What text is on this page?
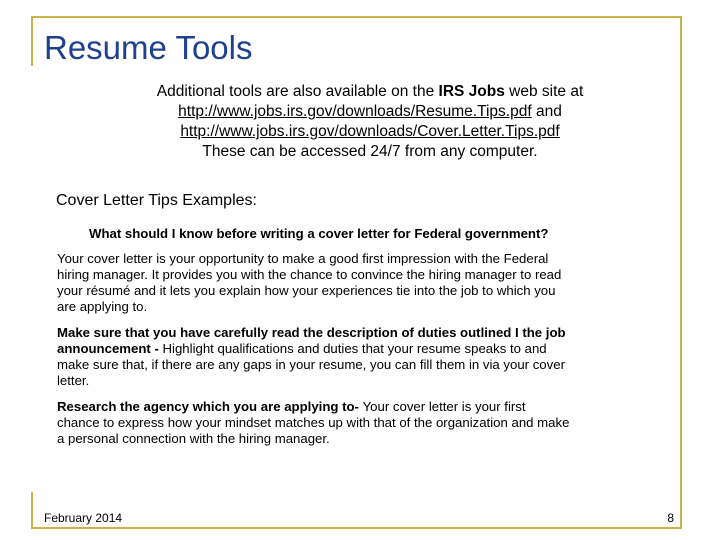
Resume Tools
Additional tools are also available on the IRS Jobs web site at
http://www.jobs.irs.gov/downloads/Resume.Tips.pdf and
http://www.jobs.irs.gov/downloads/Cover.Letter.Tips.pdf
These can be accessed 24/7 from any computer.
Cover Letter Tips Examples:
What should I know before writing a cover letter for Federal government?
Your cover letter is your opportunity to make a good first impression with the Federal
hiring manager. It provides you with the chance to convince the hiring manager to read
your résumé and it lets you explain how your experiences tie into the job to which you
are applying to.
Make sure that you have carefully read the description of duties outlined I the job
announcement - Highlight qualifications and duties that your resume speaks to and
make sure that, if there are any gaps in your resume, you can fill them in via your cover
letter.
Research the agency which you are applying to- Your cover letter is your first
chance to express how your mindset matches up with that of the organization and make
a personal connection with the hiring manager.
February 2014	8
